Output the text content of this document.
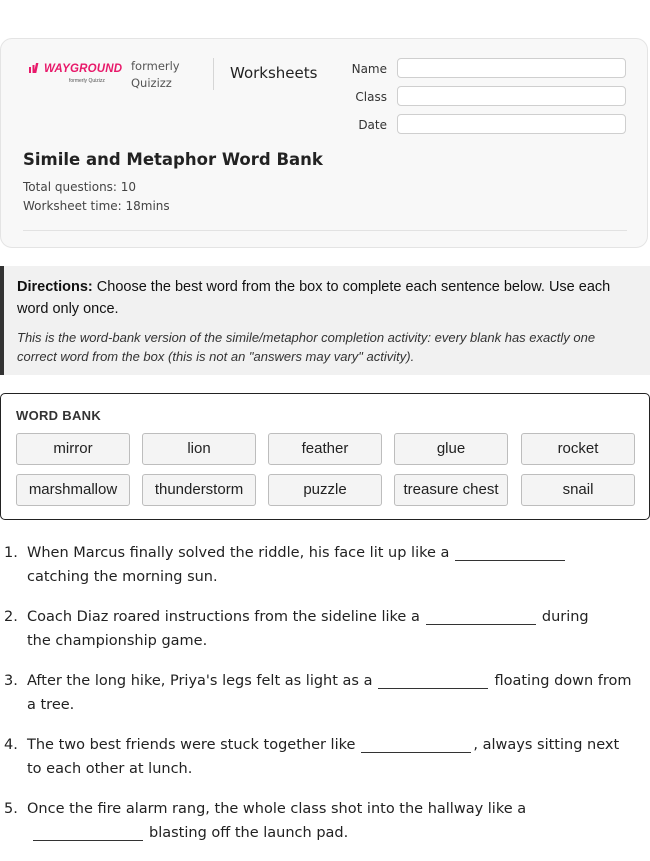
WAYGROUND
formerly Quizizz
formerly
Quizizz
Worksheets	Name
Class
Date
Simile and Metaphor Word Bank
Total questions: 10
Worksheet time: 18mins
Directions: Choose the best word from the box to complete each sentence below. Use each word only once.
This is the word-bank version of the simile/metaphor completion activity: every blank has exactly one correct word from the box (this is not an "answers may vary" activity).
WORD BANK
mirror	lion	feather	glue	rocket
marshmallow	thunderstorm	puzzle	treasure chest	snail
1. When Marcus finally solved the riddle, his face lit up like acatching the morning sun.
2. Coach Diaz roared instructions from the sideline like a	during the championship game.
3. After the long hike, Priya's legs felt as light as a	floating down from a tree.
4. The two best friends were stuck together like	, always sitting next to each other at lunch.
5. Once the fire alarm rang, the whole class shot into the hallway like ablasting off the launch pad.
